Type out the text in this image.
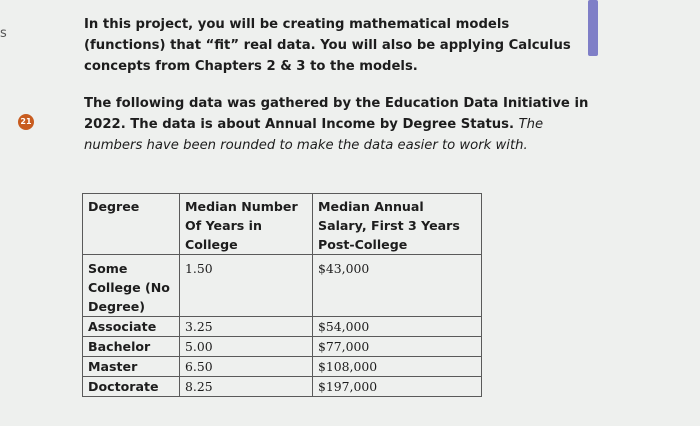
s
21
In this project, you will be creating mathematical models (functions) that “fit” real data. You will also be applying Calculus concepts from Chapters 2 & 3 to the models.
The following data was gathered by the Education Data Initiative in 2022. The data is about Annual Income by Degree Status. The numbers have been rounded to make the data easier to work with.
Degree	Median Number Of Years in College	Median Annual Salary, First 3 Years Post-College
Some College (No Degree)	1.50	$43,000
Associate	3.25	$54,000
Bachelor	5.00	$77,000
Master	6.50	$108,000
Doctorate	8.25	$197,000
